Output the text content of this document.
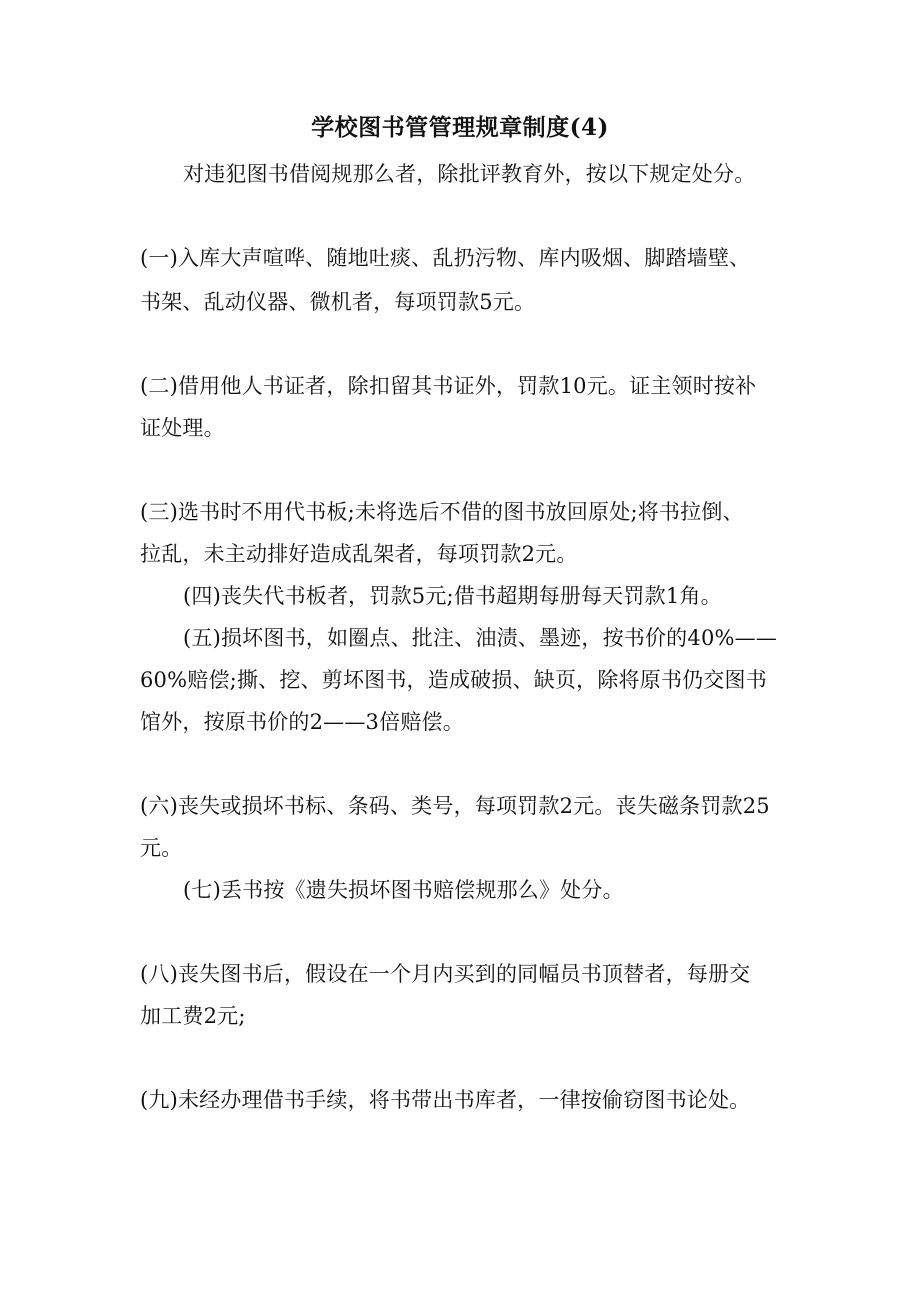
学校图书管管理规章制度(4)
对违犯图书借阅规那么者，除批评教育外，按以下规定处分。
(一)入库大声喧哗、随地吐痰、乱扔污物、库内吸烟、脚踏墙壁、
书架、乱动仪器、微机者，每项罚款5元。
(二)借用他人书证者，除扣留其书证外，罚款10元。证主领时按补
证处理。
(三)选书时不用代书板;未将选后不借的图书放回原处;将书拉倒、
拉乱，未主动排好造成乱架者，每项罚款2元。
(四)丧失代书板者，罚款5元;借书超期每册每天罚款1角。
(五)损坏图书，如圈点、批注、油渍、墨迹，按书价的40%——
60%赔偿;撕、挖、剪坏图书，造成破损、缺页，除将原书仍交图书
馆外，按原书价的2——3倍赔偿。
(六)丧失或损坏书标、条码、类号，每项罚款2元。丧失磁条罚款25
元。
(七)丢书按《遗失损坏图书赔偿规那么》处分。
(八)丧失图书后，假设在一个月内买到的同幅员书顶替者，每册交
加工费2元;
(九)未经办理借书手续，将书带出书库者，一律按偷窃图书论处。
